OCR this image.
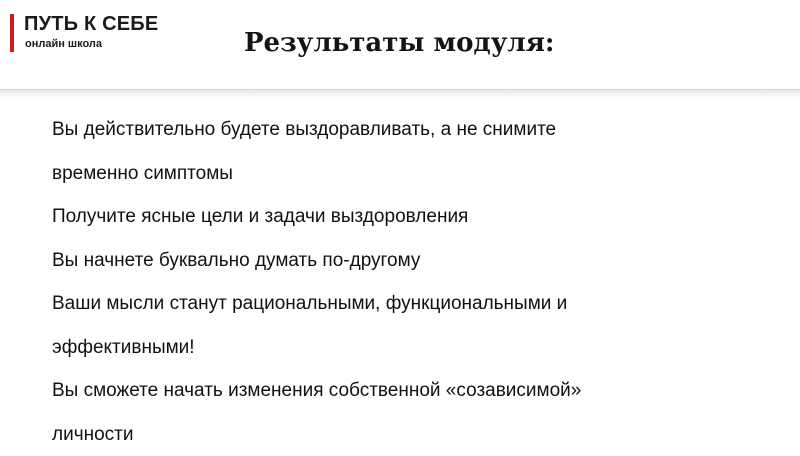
ПУТЬ К СЕБЕ
онлайн школа	Результаты модуля:
Вы действительно будете выздоравливать, а не снимите
временно симптомы
Получите ясные цели и задачи выздоровления
Вы начнете буквально думать по-другому
Ваши мысли станут рациональными, функциональными и
эффективными!
Вы сможете начать изменения собственной «созависимой»
личности
